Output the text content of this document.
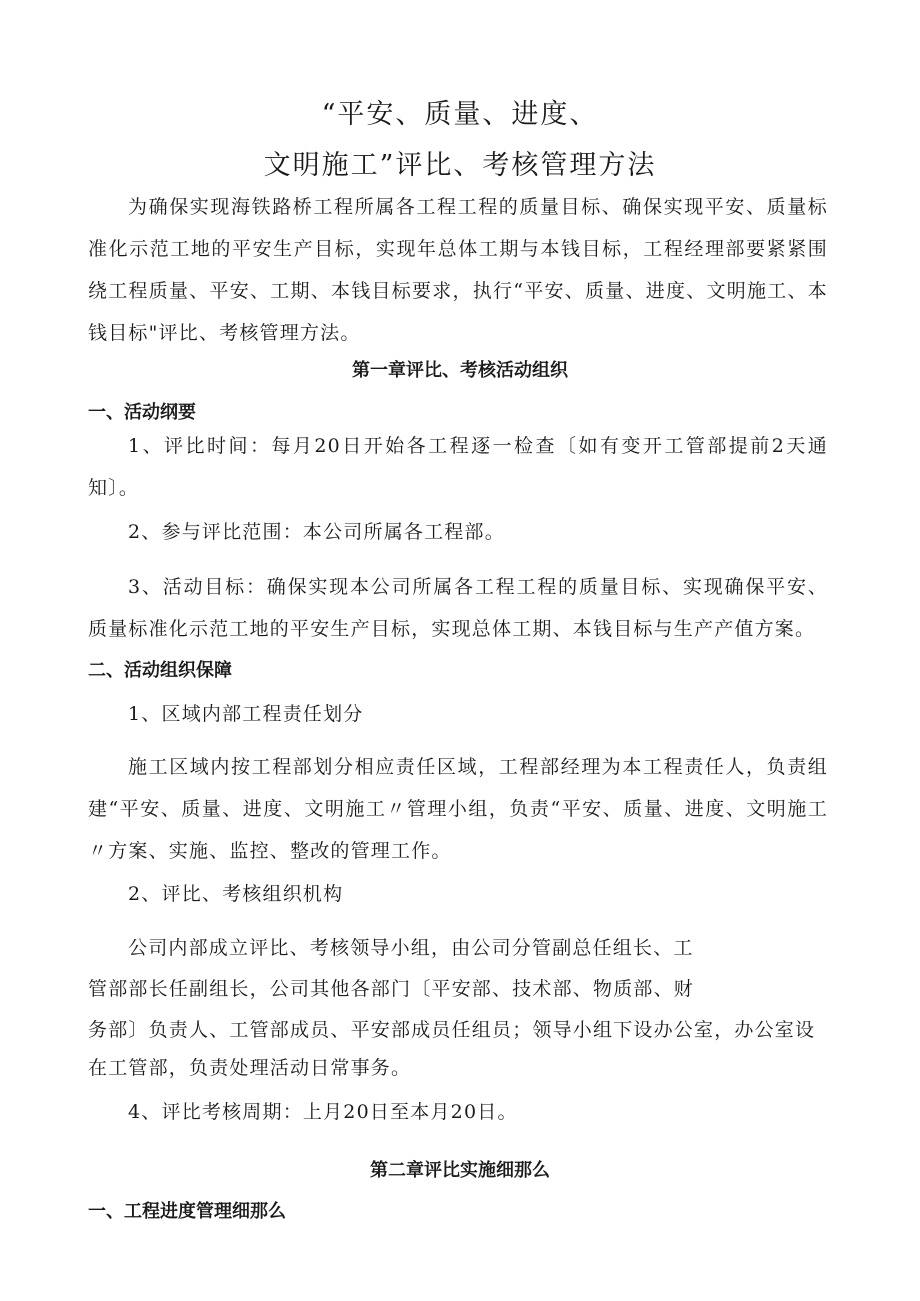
“平安、质量、进度、
文明施工”评比、考核管理方法

为确保实现海铁路桥工程所属各工程工程的质量目标、确保实现平安、质量标准化示范工地的平安生产目标，实现年总体工期与本钱目标，工程经理部要紧紧围绕工程质量、平安、工期、本钱目标要求，执行“平安、质量、进度、文明施工、本钱目标"评比、考核管理方法。

第一章评比、考核活动组织
一、活动纲要

1、评比时间：每月20日开始各工程逐一检查〔如有变开工管部提前2天通知〕。

2、参与评比范围：本公司所属各工程部。

3、活动目标：确保实现本公司所属各工程工程的质量目标、实现确保平安、质量标准化示范工地的平安生产目标，实现总体工期、本钱目标与生产产值方案。

二、活动组织保障

1、区域内部工程责任划分

施工区域内按工程部划分相应责任区域，工程部经理为本工程责任人，负责组建“平安、质量、进度、文明施工〃管理小组，负责“平安、质量、进度、文明施工〃方案、实施、监控、整改的管理工作。

2、评比、考核组织机构

公司内部成立评比、考核领导小组，由公司分管副总任组长、工

管部部长任副组长，公司其他各部门〔平安部、技术部、物质部、财

务部〕负责人、工管部成员、平安部成员任组员；领导小组下设办公室，办公室设

在工管部，负责处理活动日常事务。

4、评比考核周期：上月20日至本月20日。

第二章评比实施细那么
一、工程进度管理细那么
